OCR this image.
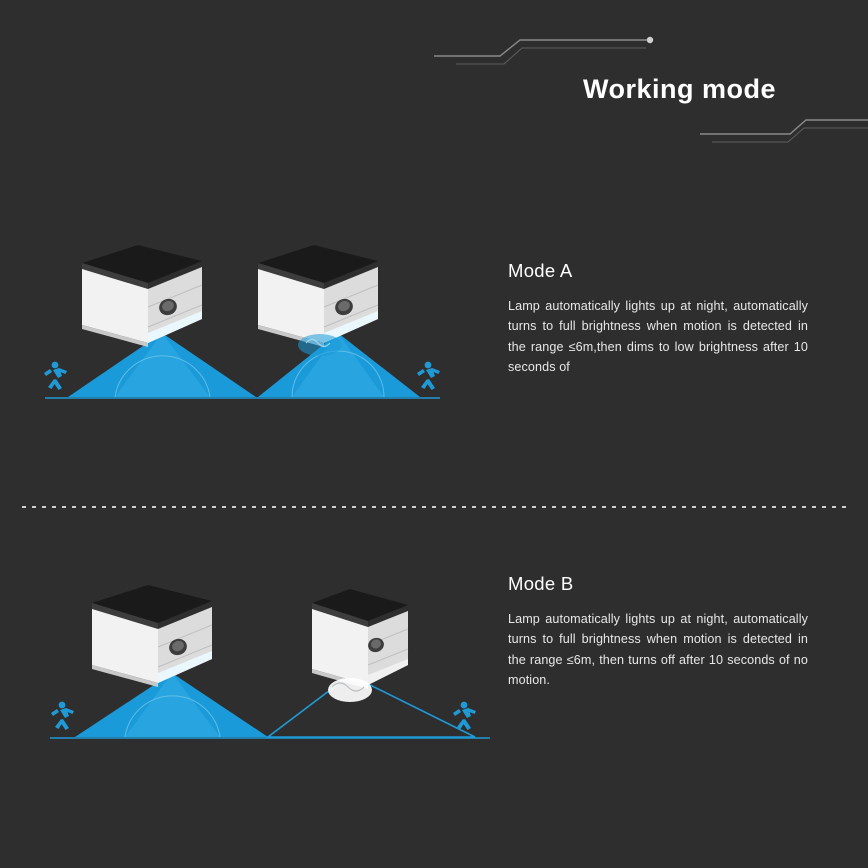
Working mode
Mode A

Lamp automatically lights up at night, automatically turns to full brightness when motion is detected in the range ≤6m,then dims to low brightness after 10 seconds of

Mode B

Lamp automatically lights up at night, automatically turns to full brightness when motion is detected in the range ≤6m, then turns off after 10 seconds of no motion.
